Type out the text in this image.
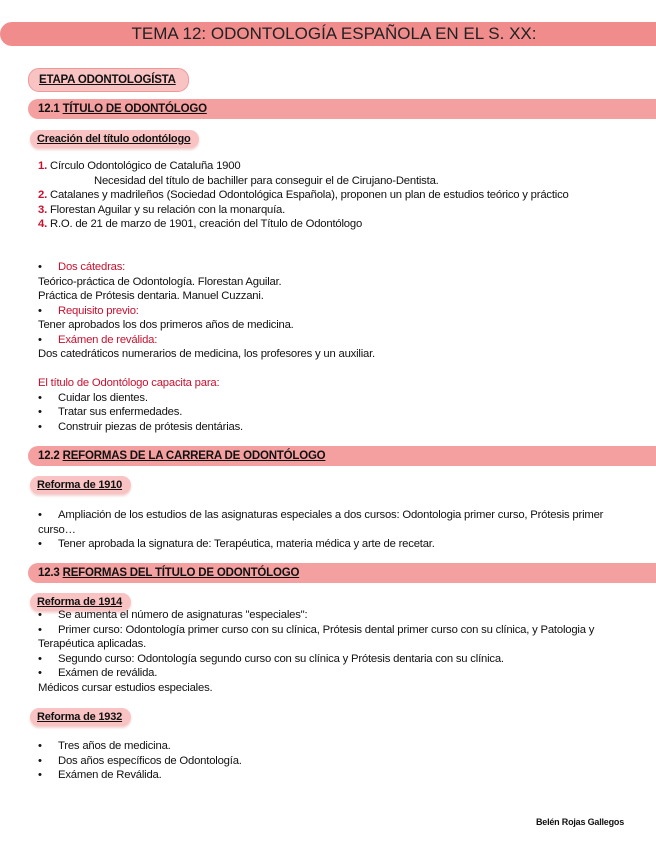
TEMA 12: ODONTOLOGÍA ESPAÑOLA EN EL S. XX:
ETAPA ODONTOLOGÍSTA
12.1 TÍTULO DE ODONTÓLOGO
Creación del título odontólogo
1. Círculo Odontológico de Cataluña 1900
Necesidad del título de bachiller para conseguir el de Cirujano-Dentista.
2. Catalanes y madrileños (Sociedad Odontológica Española), proponen un plan de estudios teórico y práctico
3. Florestan Aguilar y su relación con la monarquía.
4. R.O. de 21 de marzo de 1901, creación del Título de Odontólogo
• Dos cátedras:
Teórico-práctica de Odontología. Florestan Aguilar.
Práctica de Prótesis dentaria. Manuel Cuzzani.
• Requisito previo:
Tener aprobados los dos primeros años de medicina.
• Exámen de reválida:
Dos catedráticos numerarios de medicina, los profesores y un auxiliar.
El título de Odontólogo capacita para:
• Cuidar los dientes.
• Tratar sus enfermedades.
• Construir piezas de prótesis dentárias.
12.2 REFORMAS DE LA CARRERA DE ODONTÓLOGO
Reforma de 1910
• Ampliación de los estudios de las asignaturas especiales a dos cursos: Odontologia primer curso, Prótesis primer curso…
• Tener aprobada la signatura de: Terapéutica, materia médica y arte de recetar.
12.3 REFORMAS DEL TÍTULO DE ODONTÓLOGO
Reforma de 1914
• Se aumenta el número de asignaturas "especiales":
• Primer curso: Odontología primer curso con su clínica, Prótesis dental primer curso con su clínica, y Patologia y Terapéutica aplicadas.
• Segundo curso: Odontología segundo curso con su clínica y Prótesis dentaria con su clínica.
• Exámen de reválida.
Médicos cursar estudios especiales.
Reforma de 1932
• Tres años de medicina.
• Dos años específicos de Odontología.
• Exámen de Reválida.
Belén Rojas Gallegos
